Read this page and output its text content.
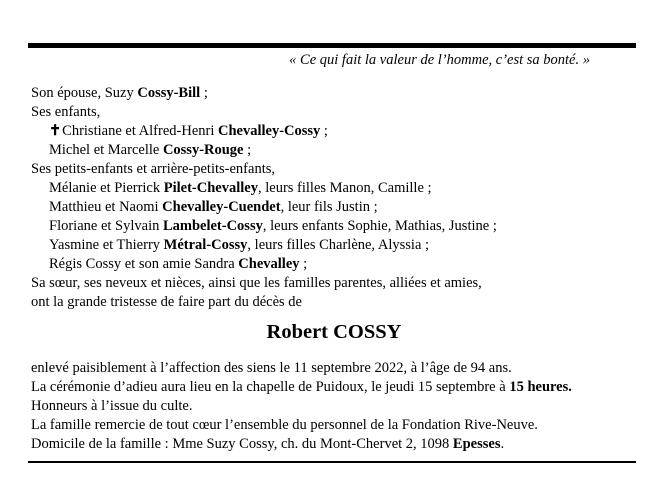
« Ce qui fait la valeur de l’homme, c’est sa bonté. »
Son épouse, Suzy Cossy-Bill ;
Ses enfants,
✝Christiane et Alfred-Henri Chevalley-Cossy ;
Michel et Marcelle Cossy-Rouge ;
Ses petits-enfants et arrière-petits-enfants,
Mélanie et Pierrick Pilet-Chevalley, leurs filles Manon, Camille ;
Matthieu et Naomi Chevalley-Cuendet, leur fils Justin ;
Floriane et Sylvain Lambelet-Cossy, leurs enfants Sophie, Mathias, Justine ;
Yasmine et Thierry Métral-Cossy, leurs filles Charlène, Alyssia ;
Régis Cossy et son amie Sandra Chevalley ;
Sa sœur, ses neveux et nièces, ainsi que les familles parentes, alliées et amies,
ont la grande tristesse de faire part du décès de
Robert COSSY
enlevé paisiblement à l’affection des siens le 11 septembre 2022, à l’âge de 94 ans.
La cérémonie d’adieu aura lieu en la chapelle de Puidoux, le jeudi 15 septembre à 15 heures.
Honneurs à l’issue du culte.
La famille remercie de tout cœur l’ensemble du personnel de la Fondation Rive-Neuve.
Domicile de la famille : Mme Suzy Cossy, ch. du Mont-Chervet 2, 1098 Epesses.
